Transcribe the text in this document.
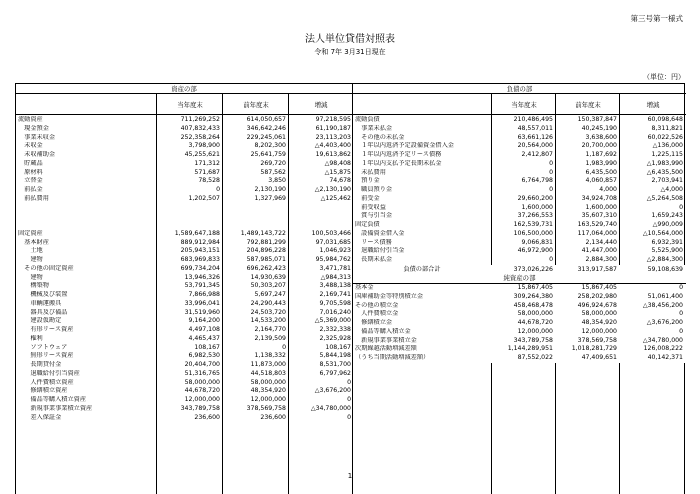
第三号第一様式
法人単位貸借対照表
令和 7年 3月31日現在
（単位：円）
資産の部
当年度末	前年度末	増減
流動資産	711,269,252	614,050,657	97,218,595
　現金預金	407,832,433	346,642,246	61,190,187
　事業未収金	252,358,264	229,245,061	23,113,203
　未収金	3,798,900	8,202,300	△4,403,400
　未収補助金	45,255,621	25,641,759	19,613,862
　貯蔵品	171,312	269,720	△98,408
　原材料	571,687	587,562	△15,875
　立替金	78,528	3,850	74,678
　前払金	0	2,130,190	△2,130,190
　前払費用	1,202,507	1,327,969	△125,462
固定資産	1,589,647,188	1,489,143,722	100,503,466
　基本財産	889,912,984	792,881,299	97,031,685
　　土地	205,943,151	204,896,228	1,046,923
　　建物	683,969,833	587,985,071	95,984,762
　その他の固定資産	699,734,204	696,262,423	3,471,781
　　建物	13,946,326	14,930,639	△984,313
　　構築物	53,791,345	50,303,207	3,488,138
　　機械及び装置	7,866,988	5,697,247	2,169,741
　　車輌運搬具	33,996,041	24,290,443	9,705,598
　　器具及び備品	31,519,960	24,503,720	7,016,240
　　建設仮勘定	9,164,200	14,533,200	△5,369,000
　　有形リース資産	4,497,108	2,164,770	2,332,338
　　権利	4,465,437	2,139,509	2,325,928
　　ソフトウェア	108,167	0	108,167
　　無形リース資産	6,982,530	1,138,332	5,844,198
　　長期貸付金	20,404,700	11,873,000	8,531,700
　　退職給付引当資産	51,316,765	44,518,803	6,797,962
　　人件費積立資産	58,000,000	58,000,000	0
　　修繕積立資産	44,678,720	48,354,920	△3,676,200
　　備品等購入積立資産	12,000,000	12,000,000	0
　　新規事業事業積立資産	343,789,758	378,569,758	△34,780,000
　　差入保証金	236,600	236,600	0
負債の部
当年度末	前年度末	増減
流動負債	210,486,495	150,387,847	60,098,648
　事業未払金	48,557,011	40,245,190	8,311,821
　その他の未払金	63,661,126	3,638,600	60,022,526
　１年以内返済予定設備資金借入金	20,564,000	20,700,000	△136,000
　１年以内返済予定リース債務	2,412,807	1,187,692	1,225,115
　１年以内支払予定長期未払金	0	1,983,990	△1,983,990
　未払費用	0	6,435,500	△6,435,500
　預り金	6,764,798	4,060,857	2,703,941
　職員預り金	0	4,000	△4,000
　前受金	29,660,200	34,924,708	△5,264,508
　前受収益	1,600,000	1,600,000	0
　賞与引当金	37,266,553	35,607,310	1,659,243
固定負債	162,539,731	163,529,740	△990,009
　設備資金借入金	106,500,000	117,064,000	△10,564,000
　リース債務	9,066,831	2,134,440	6,932,391
　退職給付引当金	46,972,900	41,447,000	5,525,900
　長期未払金	0	2,884,300	△2,884,300
負債の部合計	373,026,226	313,917,587	59,108,639
純資産の部
基本金	15,867,405	15,867,405	0
国庫補助金等特別積立金	309,264,380	258,202,980	51,061,400
その他の積立金	458,468,478	496,924,678	△38,456,200
　人件費積立金	58,000,000	58,000,000	0
　修繕積立金	44,678,720	48,354,920	△3,676,200
　備品等購入積立金	12,000,000	12,000,000	0
　新規事業事業積立金	343,789,758	378,569,758	△34,780,000
次期繰越活動増減差額	1,144,289,951	1,018,281,729	126,008,222
（うち当期活動増減差額）	87,552,022	47,409,651	40,142,371
1
